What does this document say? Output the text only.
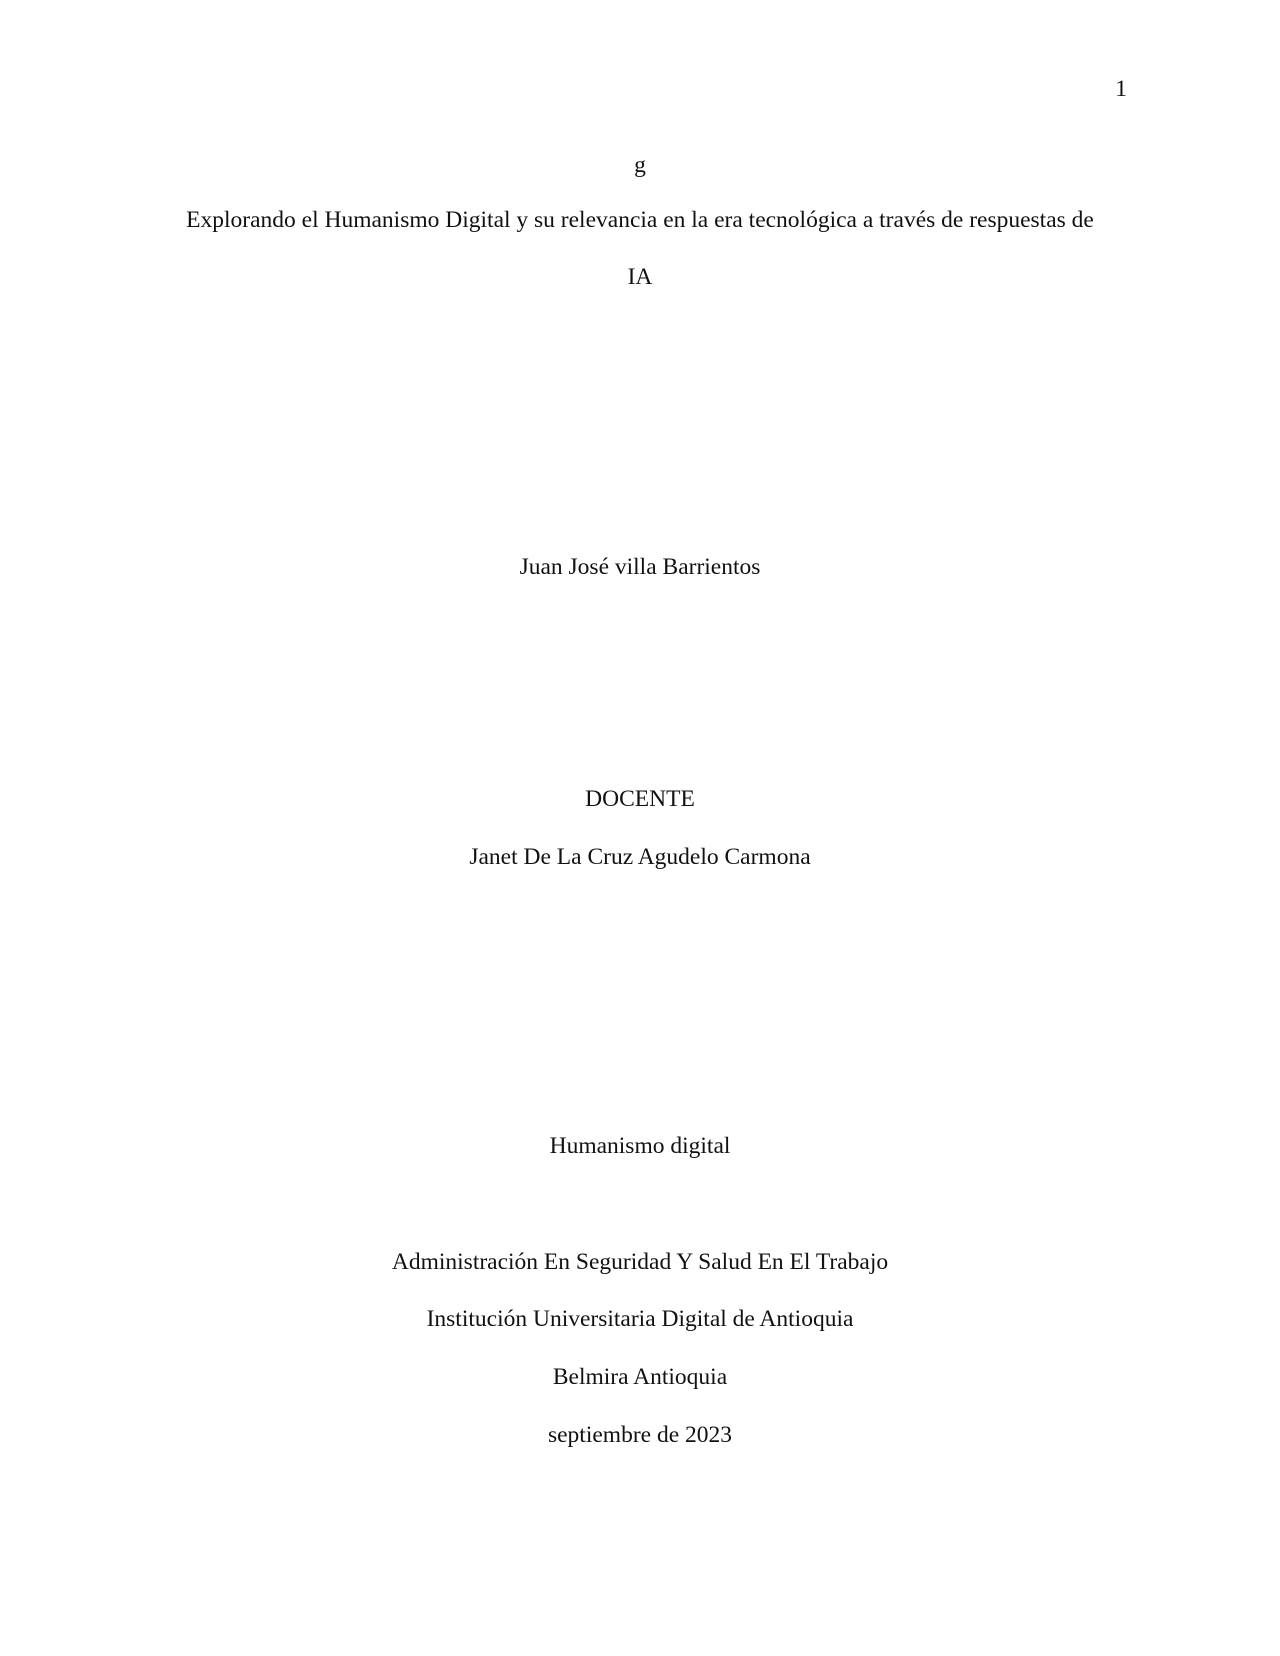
1
g
Explorando el Humanismo Digital y su relevancia en la era tecnológica a través de respuestas de
IA
Juan José villa Barrientos
DOCENTE
Janet De La Cruz Agudelo Carmona
Humanismo digital
Administración En Seguridad Y Salud En El Trabajo
Institución Universitaria Digital de Antioquia
Belmira Antioquia
septiembre de 2023
